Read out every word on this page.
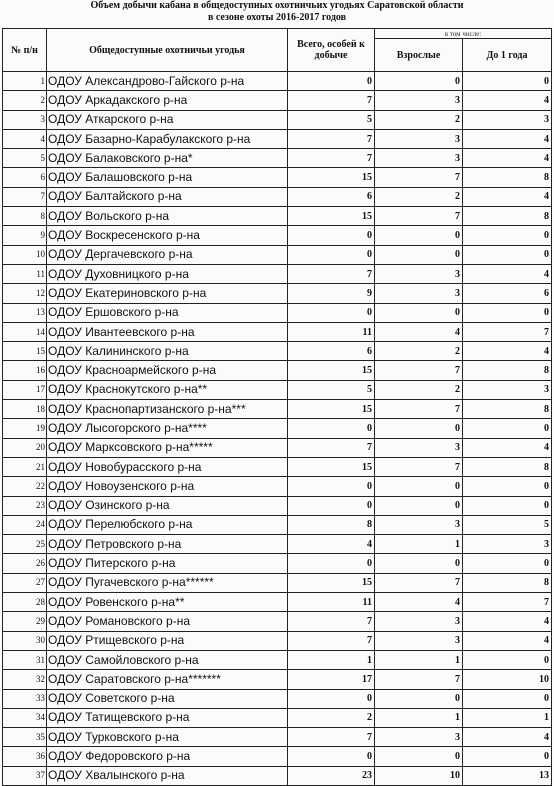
Объем добычи кабана в общедоступных охотничьих угодьях Саратовской области
в сезоне охоты 2016-2017 годов
№ п/н	Общедоступные охотничьи угодья	Всего, особей к добыче	в том числе:	
			Взрослые	До 1 года
1	ОДОУ Александрово-Гайского р-на	0	0	0
2	ОДОУ Аркадакского р-на	7	3	4
3	ОДОУ Аткарского р-на	5	2	3
4	ОДОУ Базарно-Карабулакского р-на	7	3	4
5	ОДОУ Балаковского р-на*	7	3	4
6	ОДОУ Балашовского р-на	15	7	8
7	ОДОУ Балтайского р-на	6	2	4
8	ОДОУ Вольского р-на	15	7	8
9	ОДОУ Воскресенского р-на	0	0	0
10	ОДОУ Дергачевского р-на	0	0	0
11	ОДОУ Духовницкого р-на	7	3	4
12	ОДОУ Екатериновского р-на	9	3	6
13	ОДОУ Ершовского р-на	0	0	0
14	ОДОУ Ивантеевского р-на	11	4	7
15	ОДОУ Калининского р-на	6	2	4
16	ОДОУ Красноармейского р-на	15	7	8
17	ОДОУ Краснокутского р-на**	5	2	3
18	ОДОУ Краснопартизанского р-на***	15	7	8
19	ОДОУ Лысогорского р-на****	0	0	0
20	ОДОУ Марксовского р-на*****	7	3	4
21	ОДОУ Новобурасского р-на	15	7	8
22	ОДОУ Новоузенского р-на	0	0	0
23	ОДОУ Озинского р-на	0	0	0
24	ОДОУ Перелюбского р-на	8	3	5
25	ОДОУ Петровского р-на	4	1	3
26	ОДОУ Питерского р-на	0	0	0
27	ОДОУ Пугачевского р-на******	15	7	8
28	ОДОУ Ровенского р-на**	11	4	7
29	ОДОУ Романовского р-на	7	3	4
30	ОДОУ Ртищевского р-на	7	3	4
31	ОДОУ Самойловского р-на	1	1	0
32	ОДОУ Саратовского р-на*******	17	7	10
33	ОДОУ Советского р-на	0	0	0
34	ОДОУ Татищевского р-на	2	1	1
35	ОДОУ Турковского р-на	7	3	4
36	ОДОУ Федоровского р-на	0	0	0
37	ОДОУ Хвалынского р-на	23	10	13
